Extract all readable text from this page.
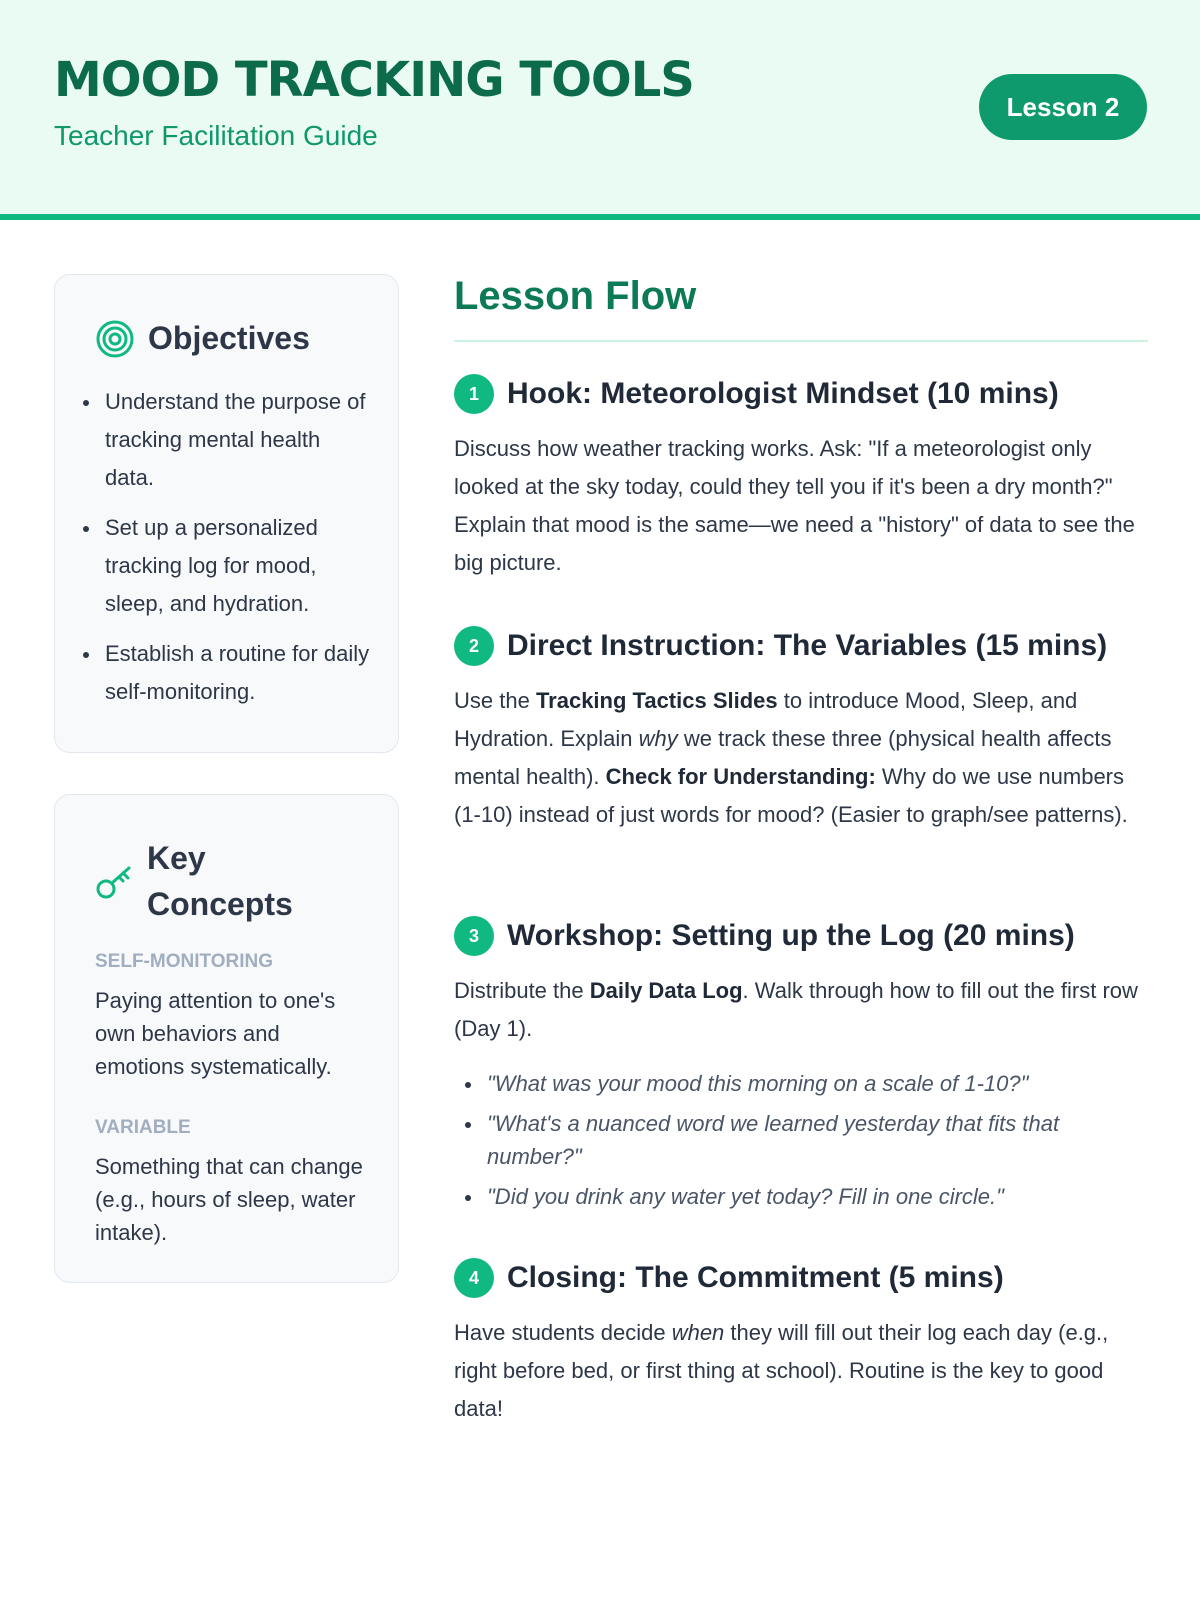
MOOD TRACKING TOOLS
Teacher Facilitation Guide
Lesson 2
Objectives
Understand the purpose of tracking mental health data.
Set up a personalized tracking log for mood, sleep, and hydration.
Establish a routine for daily self-monitoring.
Key Concepts
SELF-MONITORING
Paying attention to one's own behaviors and emotions systematically.
VARIABLE
Something that can change (e.g., hours of sleep, water intake).
Lesson Flow
1 Hook: Meteorologist Mindset (10 mins)
Discuss how weather tracking works. Ask: "If a meteorologist only looked at the sky today, could they tell you if it's been a dry month?" Explain that mood is the same—we need a "history" of data to see the big picture.
2 Direct Instruction: The Variables (15 mins)
Use the Tracking Tactics Slides to introduce Mood, Sleep, and Hydration. Explain why we track these three (physical health affects mental health). Check for Understanding: Why do we use numbers (1-10) instead of just words for mood? (Easier to graph/see patterns).
3 Workshop: Setting up the Log (20 mins)
Distribute the Daily Data Log. Walk through how to fill out the first row (Day 1).
"What was your mood this morning on a scale of 1-10?"
"What's a nuanced word we learned yesterday that fits that number?"
"Did you drink any water yet today? Fill in one circle."
4 Closing: The Commitment (5 mins)
Have students decide when they will fill out their log each day (e.g., right before bed, or first thing at school). Routine is the key to good data!
